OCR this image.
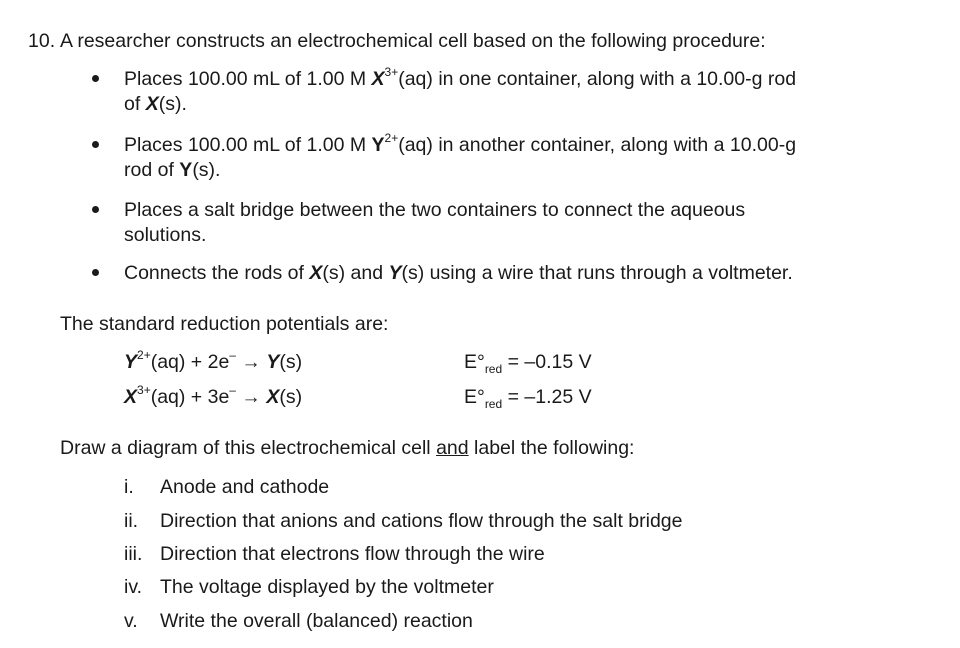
10. A researcher constructs an electrochemical cell based on the following procedure:
Places 100.00 mL of 1.00 M $X^{3+}(aq)$ in one container, along with a 10.00-g rod
of X(s).
Places 100.00 mL of 1.00 M $Y^{2+}(aq)$ in another container, along with a 10.00-g
rod of Y(s).
Places a salt bridge between the two containers to connect the aqueous
solutions.
Connects the rods of X(s) and Y(s) using a wire that runs through a voltmeter.
The standard reduction potentials are:
$Y^{2+}(aq) + 2e^- \to Y(s)$	$E^\circ_{red} = -0.15$ V
$X^{3+}(aq) + 3e^- \to X(s)$	$E^\circ_{red} = -1.25$ V
Draw a diagram of this electrochemical cell and label the following:
i. Anode and cathode
ii. Direction that anions and cations flow through the salt bridge
iii. Direction that electrons flow through the wire
iv. The voltage displayed by the voltmeter
v. Write the overall (balanced) reaction
